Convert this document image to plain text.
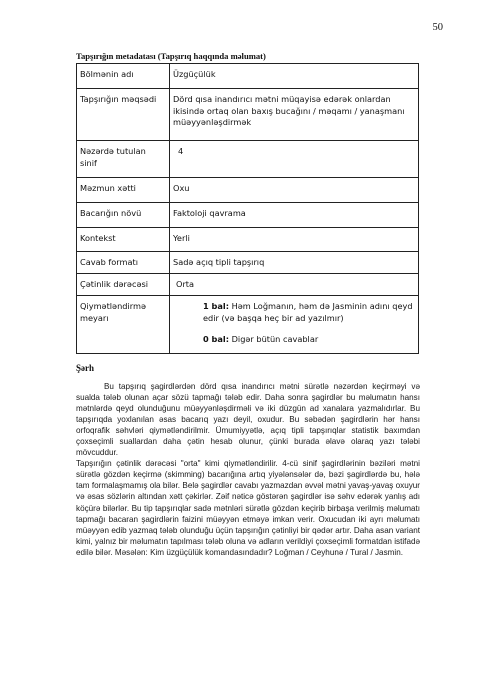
50
Tapşırığın metadatası (Tapşırıq haqqında məlumat)
Bölmənin adı	Üzgüçülük
Tapşırığın məqsədi	Dörd qısa inandırıcı mətni müqayisə edərək onlardan ikisində ortaq olan baxış bucağını / məqamı / yanaşmanı müəyyənləşdirmək
Nəzərdə tutulan sinif	4
Məzmun xətti	Oxu
Bacarığın növü	Faktoloji qavrama
Kontekst	Yerli
Cavab formatı	Sadə açıq tipli tapşırıq
Çətinlik dərəcəsi	Orta
Qiymətləndirmə meyarı	1 bal: Həm Loğmanın, həm də Jasminin adını qeyd edir (və başqa heç bir ad yazılmır)
0 bal: Digər bütün cavablar
Şərh

Bu tapşırıq şagirdlərdən dörd qısa inandırıcı mətni sürətlə nəzərdən keçirməyi və sualda tələb olunan açar sözü tapmağı tələb edir. Daha sonra şagirdlər bu məlumatın hansı mətnlərdə qeyd olunduğunu müəyyənləşdirməli və iki düzgün ad xanalara yazmalıdırlar. Bu tapşırıqda yoxlanılan əsas bacarıq yazı deyil, oxudur. Bu səbədən şagirdlərin hər hansı orfoqrafik səhvləri qiymətləndirilmir. Ümumiyyətlə, açıq tipli tapşırıqlar statistik baxımdan çoxseçimli suallardan daha çətin hesab olunur, çünki burada əlavə olaraq yazı tələbi mövcuddur.

Tapşırığın çətinlik dərəcəsi "orta" kimi qiymətləndirilir. 4-cü sinif şagirdlərinin bəziləri mətni sürətlə gözdən keçirmə (skimming) bacarığına artıq yiyələnsələr də, bəzi şagirdlərdə bu, hələ tam formalaşmamış ola bilər. Belə şagirdlər cavabı yazmazdan əvvəl mətni yavaş-yavaş oxuyur və əsas sözlərin altından xətt çəkirlər. Zəif nəticə göstərən şagirdlər isə səhv edərək yanlış adı köçürə bilərlər. Bu tip tapşırıqlar sadə mətnləri sürətlə gözdən keçirib birbaşa verilmiş məlumatı tapmağı bacaran şagirdlərin faizini müəyyən etməyə imkan verir. Oxucudan iki ayrı məlumatı müəyyən edib yazmaq tələb olunduğu üçün tapşırığın çətinliyi bir qədər artır. Daha asan variant kimi, yalnız bir məlumatın tapılması tələb oluna və adların verildiyi çoxseçimli formatdan istifadə edilə bilər. Məsələn: Kim üzgüçülük komandasındadır? Loğman / Ceyhunə / Tural / Jasmin.
